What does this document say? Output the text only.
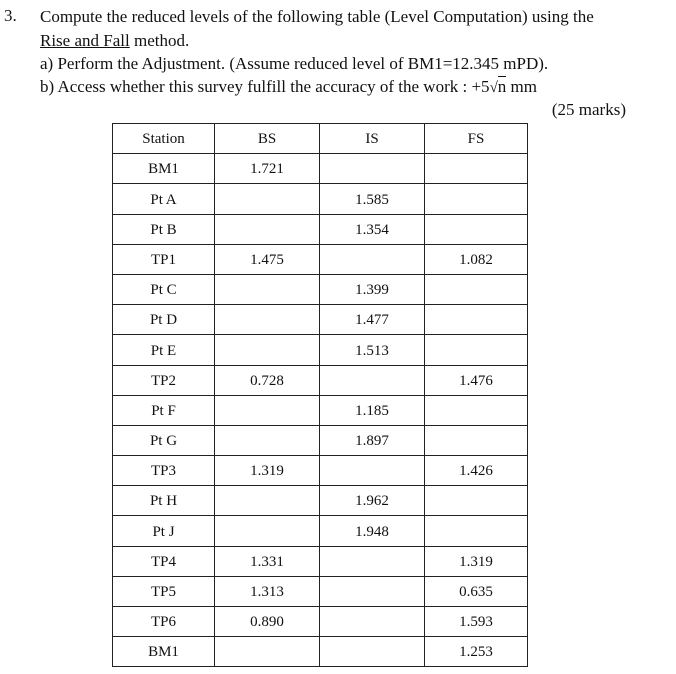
3. Compute the reduced levels of the following table (Level Computation) using the
Rise and Fall method.
a) Perform the Adjustment. (Assume reduced level of BM1=12.345 mPD).
b) Access whether this survey fulfill the accuracy of the work : +5√n mm
(25 marks)
Station	BS	IS	FS
BM1	1.721		
Pt A		1.585	
Pt B		1.354	
TP1	1.475		1.082
Pt C		1.399	
Pt D		1.477	
Pt E		1.513	
TP2	0.728		1.476
Pt F		1.185	
Pt G		1.897	
TP3	1.319		1.426
Pt H		1.962	
Pt J		1.948	
TP4	1.331		1.319
TP5	1.313		0.635
TP6	0.890		1.593
BM1			1.253
